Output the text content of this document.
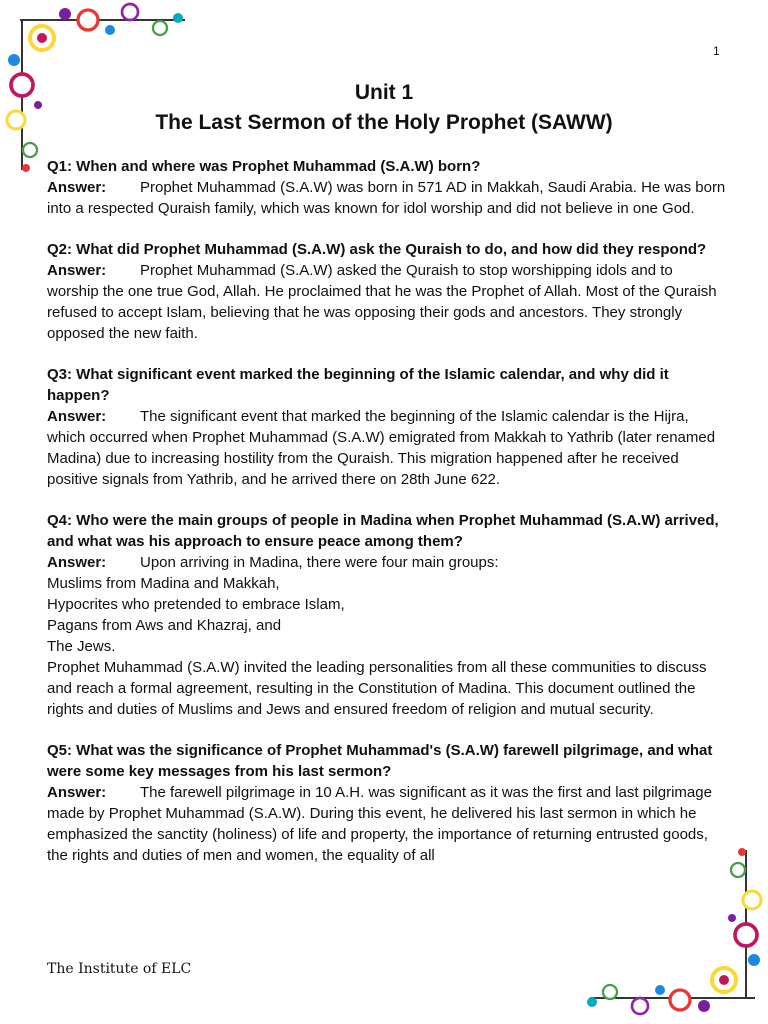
1
Unit 1
The Last Sermon of the Holy Prophet (SAWW)
Q1: When and where was Prophet Muhammad (S.A.W) born?
Answer: Prophet Muhammad (S.A.W) was born in 571 AD in Makkah, Saudi Arabia. He was born into a respected Quraish family, which was known for idol worship and did not believe in one God.
Q2: What did Prophet Muhammad (S.A.W) ask the Quraish to do, and how did they respond?
Answer: Prophet Muhammad (S.A.W) asked the Quraish to stop worshipping idols and to worship the one true God, Allah. He proclaimed that he was the Prophet of Allah. Most of the Quraish refused to accept Islam, believing that he was opposing their gods and ancestors. They strongly opposed the new faith.
Q3: What significant event marked the beginning of the Islamic calendar, and why did it happen?
Answer: The significant event that marked the beginning of the Islamic calendar is the Hijra, which occurred when Prophet Muhammad (S.A.W) emigrated from Makkah to Yathrib (later renamed Madina) due to increasing hostility from the Quraish. This migration happened after he received positive signals from Yathrib, and he arrived there on 28th June 622.
Q4: Who were the main groups of people in Madina when Prophet Muhammad (S.A.W) arrived, and what was his approach to ensure peace among them?
Answer: Upon arriving in Madina, there were four main groups:
Muslims from Madina and Makkah,
Hypocrites who pretended to embrace Islam,
Pagans from Aws and Khazraj, and
The Jews.
Prophet Muhammad (S.A.W) invited the leading personalities from all these communities to discuss and reach a formal agreement, resulting in the Constitution of Madina. This document outlined the rights and duties of Muslims and Jews and ensured freedom of religion and mutual security.
Q5: What was the significance of Prophet Muhammad's (S.A.W) farewell pilgrimage, and what were some key messages from his last sermon?
Answer: The farewell pilgrimage in 10 A.H. was significant as it was the first and last pilgrimage made by Prophet Muhammad (S.A.W). During this event, he delivered his last sermon in which he emphasized the sanctity (holiness) of life and property, the importance of returning entrusted goods, the rights and duties of men and women, the equality of all
The Institute of ELC
